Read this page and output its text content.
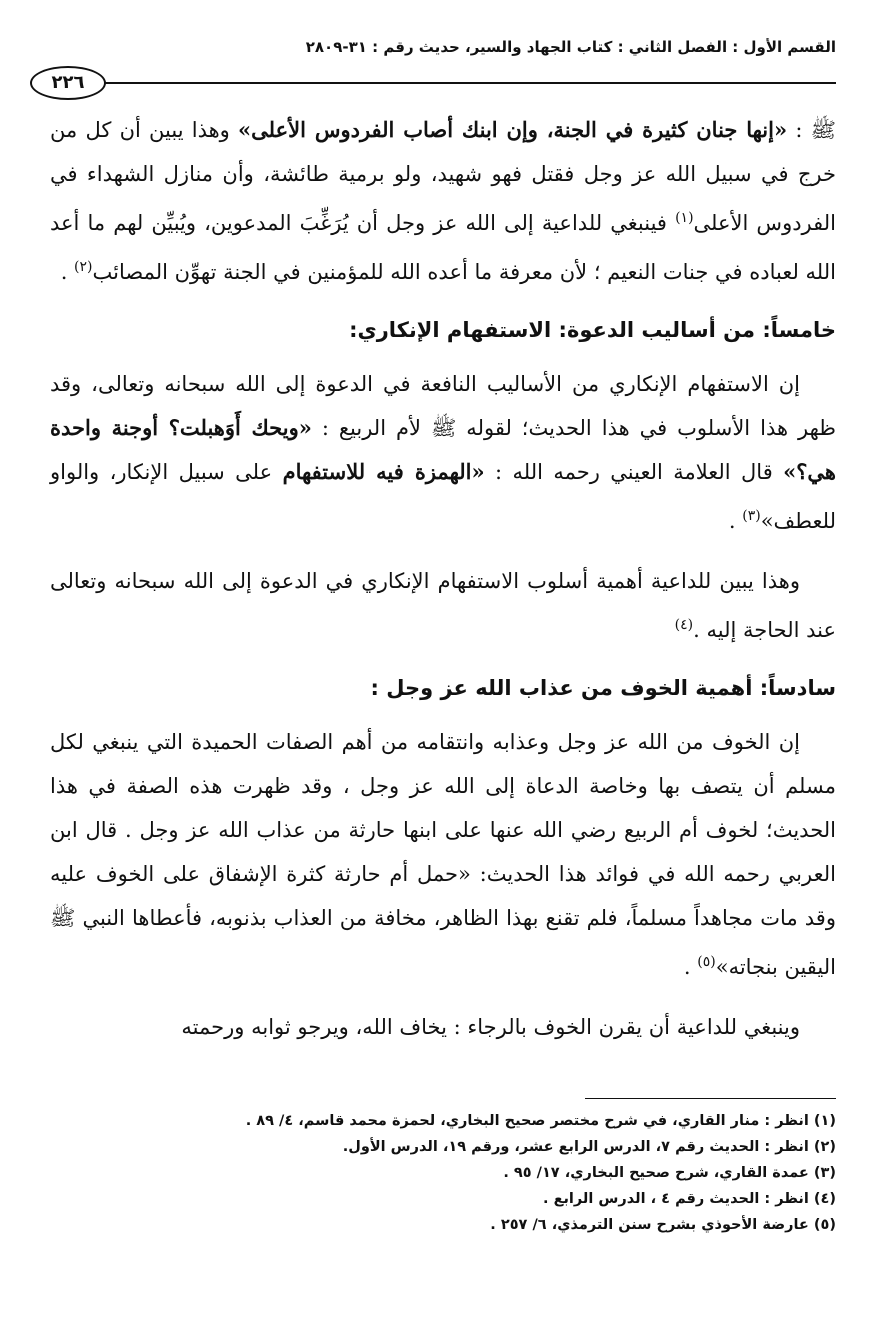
القسم الأول : الفصل الثاني : كتاب الجهاد والسير، حديث رقم : ٣١-٢٨٠٩
٢٢٦

ﷺ : «إنها جنان كثيرة في الجنة، وإن ابنك أصاب الفردوس الأعلى» وهذا يبين أن كل من خرج في سبيل الله عز وجل فقتل فهو شهيد، ولو برمية طائشة، وأن منازل الشهداء في الفردوس الأعلى$^{(١)}$ فينبغي للداعية إلى الله عز وجل أن يُرَغِّبَ المدعوين، ويُبيِّن لهم ما أعد الله لعباده في جنات النعيم ؛ لأن معرفة ما أعده الله للمؤمنين في الجنة تهوِّن المصائب$^{(٢)}$ .

خامساً: من أساليب الدعوة: الاستفهام الإنكاري:

إن الاستفهام الإنكاري من الأساليب النافعة في الدعوة إلى الله سبحانه وتعالى، وقد ظهر هذا الأسلوب في هذا الحديث؛ لقوله ﷺ لأم الربيع : «ويحك أَوَهبلت؟ أوجنة واحدة هي؟» قال العلامة العيني رحمه الله : «الهمزة فيه للاستفهام على سبيل الإنكار، والواو للعطف»$^{(٣)}$ .

وهذا يبين للداعية أهمية أسلوب الاستفهام الإنكاري في الدعوة إلى الله سبحانه وتعالى عند الحاجة إليه .$^{(٤)}$

سادساً: أهمية الخوف من عذاب الله عز وجل :

إن الخوف من الله عز وجل وعذابه وانتقامه من أهم الصفات الحميدة التي ينبغي لكل مسلم أن يتصف بها وخاصة الدعاة إلى الله عز وجل ، وقد ظهرت هذه الصفة في هذا الحديث؛ لخوف أم الربيع رضي الله عنها على ابنها حارثة من عذاب الله عز وجل . قال ابن العربي رحمه الله في فوائد هذا الحديث: «حمل أم حارثة كثرة الإشفاق على الخوف عليه وقد مات مجاهداً مسلماً، فلم تقنع بهذا الظاهر، مخافة من العذاب بذنوبه، فأعطاها النبي ﷺ اليقين بنجاته»$^{(٥)}$ .

وينبغي للداعية أن يقرن الخوف بالرجاء : يخاف الله، ويرجو ثوابه ورحمته

(١) انظر : منار القاري، في شرح مختصر صحيح البخاري، لحمزة محمد قاسم، ٤/ ٨٩ .

(٢) انظر : الحديث رقم ٧، الدرس الرابع عشر، ورقم ١٩، الدرس الأول.

(٣) عمدة القاري، شرح صحيح البخاري، ١٧/ ٩٥ .

(٤) انظر : الحديث رقم ٤ ، الدرس الرابع .

(٥) عارضة الأحوذي بشرح سنن الترمذي، ٦/ ٢٥٧ .
